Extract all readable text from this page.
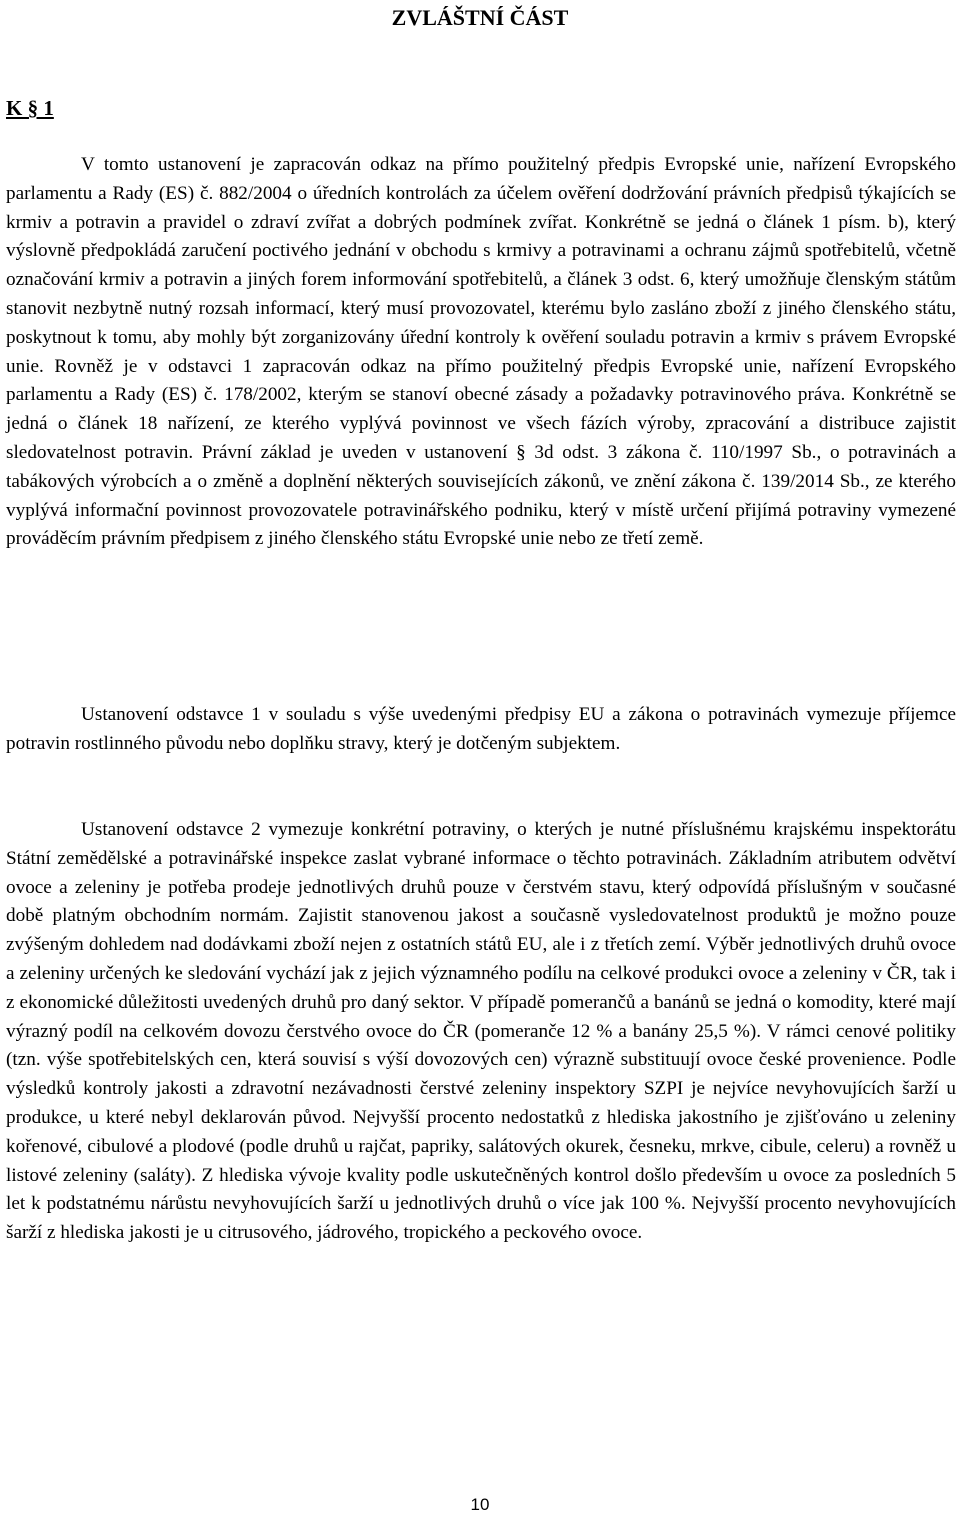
ZVLÁŠTNÍ ČÁST
K § 1

V tomto ustanovení je zapracován odkaz na přímo použitelný předpis Evropské unie, nařízení Evropského parlamentu a Rady (ES) č. 882/2004 o úředních kontrolách za účelem ověření dodržování právních předpisů týkajících se krmiv a potravin a pravidel o zdraví zvířat a dobrých podmínek zvířat. Konkrétně se jedná o článek 1 písm. b), který výslovně předpokládá zaručení poctivého jednání v obchodu s krmivy a potravinami a ochranu zájmů spotřebitelů, včetně označování krmiv a potravin a jiných forem informování spotřebitelů, a článek 3 odst. 6, který umožňuje členským státům stanovit nezbytně nutný rozsah informací, který musí provozovatel, kterému bylo zasláno zboží z jiného členského státu, poskytnout k tomu, aby mohly být zorganizovány úřední kontroly k ověření souladu potravin a krmiv s právem Evropské unie. Rovněž je v odstavci 1 zapracován odkaz na přímo použitelný předpis Evropské unie, nařízení Evropského parlamentu a Rady (ES) č. 178/2002, kterým se stanoví obecné zásady a požadavky potravinového práva. Konkrétně se jedná o článek 18 nařízení, ze kterého vyplývá povinnost ve všech fázích výroby, zpracování a distribuce zajistit sledovatelnost potravin. Právní základ je uveden v ustanovení § 3d odst. 3 zákona č. 110/1997 Sb., o potravinách a tabákových výrobcích a o změně a doplnění některých souvisejících zákonů, ve znění zákona č. 139/2014 Sb., ze kterého vyplývá informační povinnost provozovatele potravinářského podniku, který v místě určení přijímá potraviny vymezené prováděcím právním předpisem z jiného členského státu Evropské unie nebo ze třetí země.

Ustanovení odstavce 1 v souladu s výše uvedenými předpisy EU a zákona o potravinách vymezuje příjemce potravin rostlinného původu nebo doplňku stravy, který je dotčeným subjektem.

Ustanovení odstavce 2 vymezuje konkrétní potraviny, o kterých je nutné příslušnému krajskému inspektorátu Státní zemědělské a potravinářské inspekce zaslat vybrané informace o těchto potravinách. Základním atributem odvětví ovoce a zeleniny je potřeba prodeje jednotlivých druhů pouze v čerstvém stavu, který odpovídá příslušným v současné době platným obchodním normám. Zajistit stanovenou jakost a současně vysledovatelnost produktů je možno pouze zvýšeným dohledem nad dodávkami zboží nejen z ostatních států EU, ale i z třetích zemí. Výběr jednotlivých druhů ovoce a zeleniny určených ke sledování vychází jak z jejich významného podílu na celkové produkci ovoce a zeleniny v ČR, tak i z ekonomické důležitosti uvedených druhů pro daný sektor. V případě pomerančů a banánů se jedná o komodity, které mají výrazný podíl na celkovém dovozu čerstvého ovoce do ČR (pomeranče 12 % a banány 25,5 %). V rámci cenové politiky (tzn. výše spotřebitelských cen, která souvisí s výší dovozových cen) výrazně substituují ovoce české provenience. Podle výsledků kontroly jakosti a zdravotní nezávadnosti čerstvé zeleniny inspektory SZPI je nejvíce nevyhovujících šarží u produkce, u které nebyl deklarován původ. Nejvyšší procento nedostatků z hlediska jakostního je zjišťováno u zeleniny kořenové, cibulové a plodové (podle druhů u rajčat, papriky, salátových okurek, česneku, mrkve, cibule, celeru) a rovněž u listové zeleniny (saláty). Z hlediska vývoje kvality podle uskutečněných kontrol došlo především u ovoce za posledních 5 let k podstatnému nárůstu nevyhovujících šarží u jednotlivých druhů o více jak 100 %. Nejvyšší procento nevyhovujících šarží z hlediska jakosti je u citrusového, jádrového, tropického a peckového ovoce.

10
